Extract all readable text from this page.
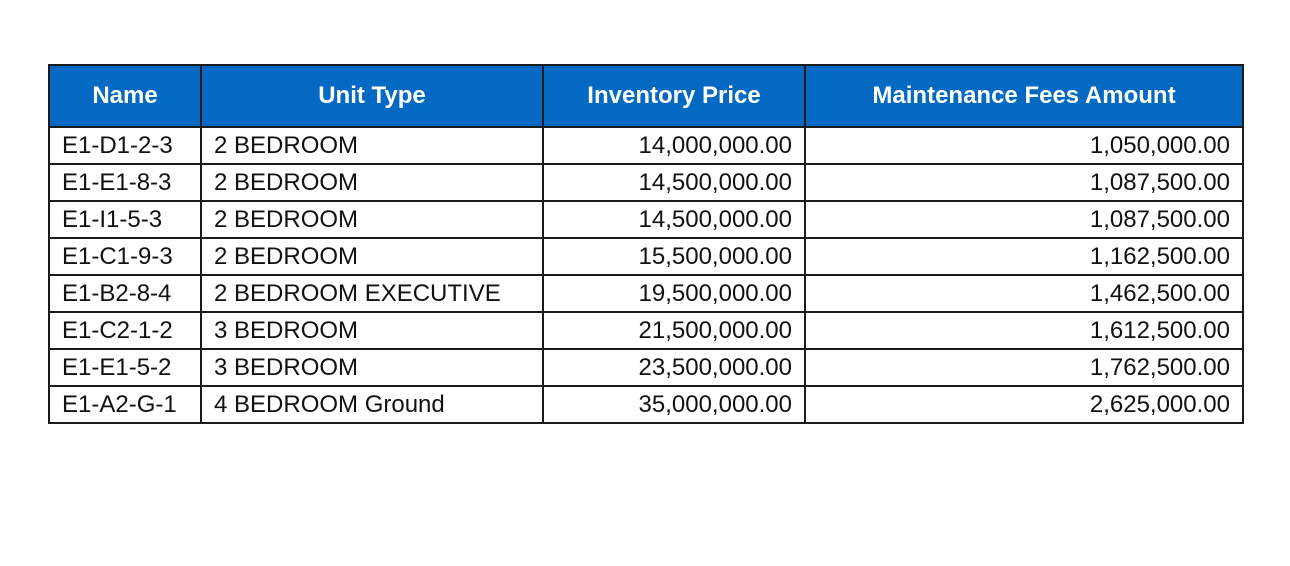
Name	Unit Type	Inventory Price	Maintenance Fees Amount
E1-D1-2-3	2 BEDROOM	14,000,000.00	1,050,000.00
E1-E1-8-3	2 BEDROOM	14,500,000.00	1,087,500.00
E1-I1-5-3	2 BEDROOM	14,500,000.00	1,087,500.00
E1-C1-9-3	2 BEDROOM	15,500,000.00	1,162,500.00
E1-B2-8-4	2 BEDROOM EXECUTIVE	19,500,000.00	1,462,500.00
E1-C2-1-2	3 BEDROOM	21,500,000.00	1,612,500.00
E1-E1-5-2	3 BEDROOM	23,500,000.00	1,762,500.00
E1-A2-G-1	4 BEDROOM Ground	35,000,000.00	2,625,000.00
